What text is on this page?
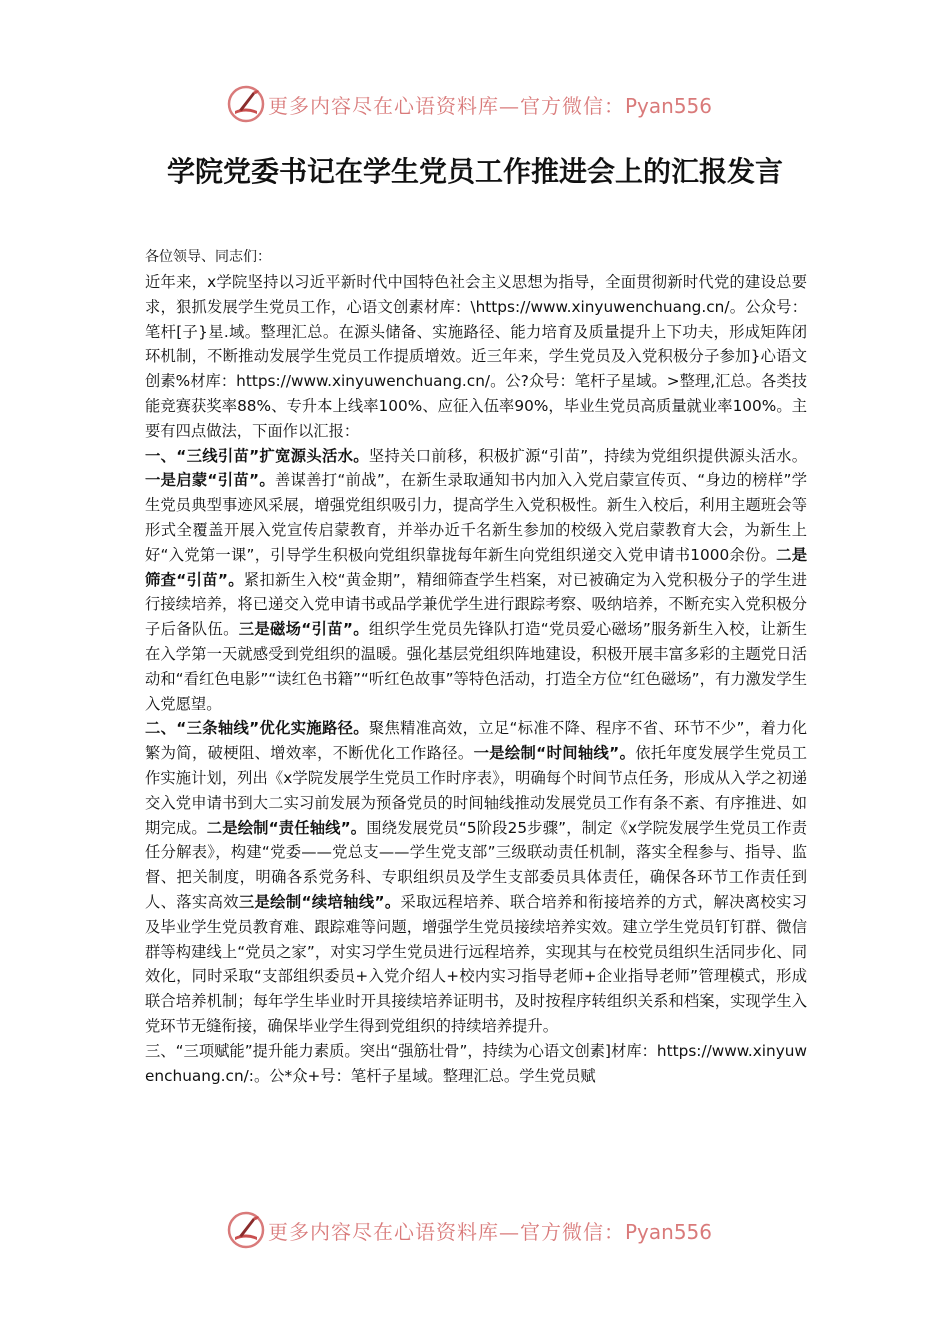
更多内容尽在心语资料库—官方微信：Pyan556
学院党委书记在学生党员工作推进会上的汇报发言

各位领导、同志们：

近年来，x学院坚持以习近平新时代中国特色社会主义思想为指导，全面贯彻新时代党的建设总要求，狠抓发展学生党员工作，心语文创素材库：\https://www.xinyuwenchuang.cn/。公众号：笔杆[子}星.域。整理汇总。在源头储备、实施路径、能力培育及质量提升上下功夫，形成矩阵闭环机制，不断推动发展学生党员工作提质增效。近三年来，学生党员及入党积极分子参加}心语文创素%材库：https://www.xinyuwenchuang.cn/。公?众号：笔杆子星域。>整理,汇总。各类技能竞赛获奖率88%、专升本上线率100%、应征入伍率90%，毕业生党员高质量就业率100%。主要有四点做法，下面作以汇报：

一、“三线引苗”扩宽源头活水。坚持关口前移，积极扩源“引苗”，持续为党组织提供源头活水。一是启蒙“引苗”。善谋善打“前战”，在新生录取通知书内加入入党启蒙宣传页、“身边的榜样”学生党员典型事迹风采展，增强党组织吸引力，提高学生入党积极性。新生入校后，利用主题班会等形式全覆盖开展入党宣传启蒙教育，并举办近千名新生参加的校级入党启蒙教育大会，为新生上好“入党第一课”，引导学生积极向党组织靠拢每年新生向党组织递交入党申请书1000余份。二是筛查“引苗”。紧扣新生入校“黄金期”，精细筛查学生档案，对已被确定为入党积极分子的学生进行接续培养，将已递交入党申请书或品学兼优学生进行跟踪考察、吸纳培养，不断充实入党积极分子后备队伍。三是磁场“引苗”。组织学生党员先锋队打造“党员爱心磁场”服务新生入校，让新生在入学第一天就感受到党组织的温暖。强化基层党组织阵地建设，积极开展丰富多彩的主题党日活动和“看红色电影”“读红色书籍”“听红色故事”等特色活动，打造全方位“红色磁场”，有力激发学生入党愿望。

二、“三条轴线”优化实施路径。聚焦精准高效，立足“标准不降、程序不省、环节不少”，着力化繁为简，破梗阻、增效率，不断优化工作路径。一是绘制“时间轴线”。依托年度发展学生党员工作实施计划，列出《x学院发展学生党员工作时序表》，明确每个时间节点任务，形成从入学之初递交入党申请书到大二实习前发展为预备党员的时间轴线推动发展党员工作有条不紊、有序推进、如期完成。二是绘制“责任轴线”。围绕发展党员“5阶段25步骤”，制定《x学院发展学生党员工作责任分解表》，构建“党委——党总支——学生党支部”三级联动责任机制，落实全程参与、指导、监督、把关制度，明确各系党务科、专职组织员及学生支部委员具体责任，确保各环节工作责任到人、落实高效三是绘制“续培轴线”。采取远程培养、联合培养和衔接培养的方式，解决离校实习及毕业学生党员教育难、跟踪难等问题，增强学生党员接续培养实效。建立学生党员钉钉群、微信群等构建线上“党员之家”，对实习学生党员进行远程培养，实现其与在校党员组织生活同步化、同效化，同时采取“支部组织委员+入党介绍人+校内实习指导老师+企业指导老师”管理模式，形成联合培养机制；每年学生毕业时开具接续培养证明书，及时按程序转组织关系和档案，实现学生入党环节无缝衔接，确保毕业学生得到党组织的持续培养提升。

三、“三项赋能”提升能力素质。突出“强筋壮骨”，持续为心语文创素]材库：https://www.xinyuwenchuang.cn/:。公*众+号：笔杆子星域。整理汇总。学生党员赋

更多内容尽在心语资料库—官方微信：Pyan556
